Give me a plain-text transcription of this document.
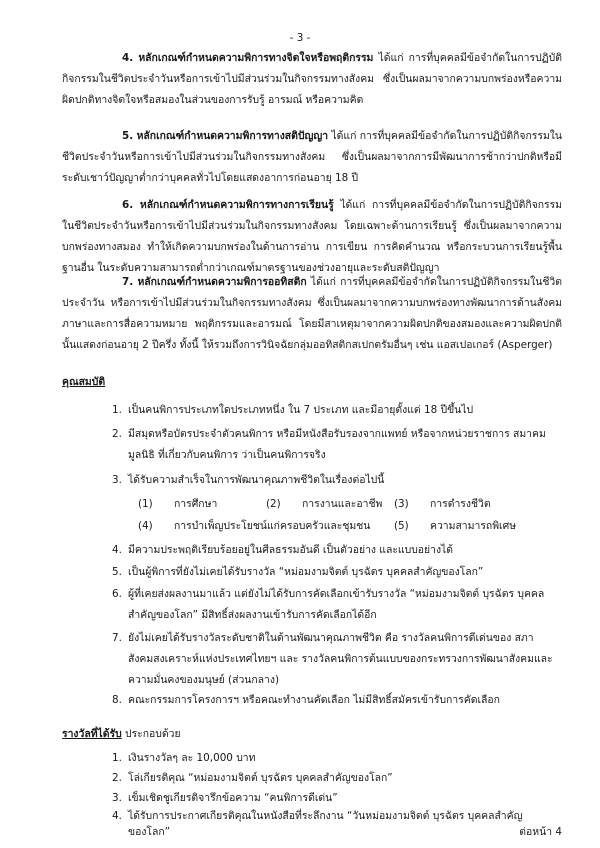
- 3 -
4. หลักเกณฑ์กำหนดความพิการทางจิตใจหรือพฤติกรรม ได้แก่ การที่บุคคลมีข้อจำกัดในการปฏิบัติกิจกรรมในชีวิตประจำวันหรือการเข้าไปมีส่วนร่วมในกิจกรรมทางสังคม ซึ่งเป็นผลมาจากความบกพร่องหรือความผิดปกติทางจิตใจหรือสมองในส่วนของการรับรู้ อารมณ์ หรือความคิด
5. หลักเกณฑ์กำหนดความพิการทางสติปัญญา ได้แก่ การที่บุคคลมีข้อจำกัดในการปฏิบัติกิจกรรมในชีวิตประจำวันหรือการเข้าไปมีส่วนร่วมในกิจกรรมทางสังคม ซึ่งเป็นผลมาจากการมีพัฒนาการช้ากว่าปกติหรือมีระดับเชาว์ปัญญาต่ำกว่าบุคคลทั่วไปโดยแสดงอาการก่อนอายุ 18 ปี
6. หลักเกณฑ์กำหนดความพิการทางการเรียนรู้ ได้แก่ การที่บุคคลมีข้อจำกัดในการปฏิบัติกิจกรรมในชีวิตประจำวันหรือการเข้าไปมีส่วนร่วมในกิจกรรมทางสังคม โดยเฉพาะด้านการเรียนรู้ ซึ่งเป็นผลมาจากความบกพร่องทางสมอง ทำให้เกิดความบกพร่องในด้านการอ่าน การเขียน การคิดคำนวณ หรือกระบวนการเรียนรู้พื้นฐานอื่น ในระดับความสามารถต่ำกว่าเกณฑ์มาตรฐานของช่วงอายุและระดับสติปัญญา
7. หลักเกณฑ์กำหนดความพิการออทิสติก ได้แก่ การที่บุคคลมีข้อจำกัดในการปฏิบัติกิจกรรมในชีวิตประจำวัน หรือการเข้าไปมีส่วนร่วมในกิจกรรมทางสังคม ซึ่งเป็นผลมาจากความบกพร่องทางพัฒนาการด้านสังคม ภาษาและการสื่อความหมาย พฤติกรรมและอารมณ์ โดยมีสาเหตุมาจากความผิดปกติของสมองและความผิดปกตินั้นแสดงก่อนอายุ 2 ปีครึ่ง ทั้งนี้ ให้รวมถึงการวินิจฉัยกลุ่มออทิสติกสเปกตรัมอื่นๆ เช่น แอสเปอเกอร์ (Asperger)
คุณสมบัติ
1. เป็นคนพิการประเภทใดประเภทหนึ่ง ใน 7 ประเภท และมีอายุตั้งแต่ 18 ปีขึ้นไป
2. มีสมุดหรือบัตรประจำตัวคนพิการ หรือมีหนังสือรับรองจากแพทย์ หรือจากหน่วยราชการ สมาคม มูลนิธิ ที่เกี่ยวกับคนพิการ ว่าเป็นคนพิการจริง
3. ได้รับความสำเร็จในการพัฒนาคุณภาพชีวิตในเรื่องต่อไปนี้
(1) การศึกษา	(2) การงานและอาชีพ (3) การดำรงชีวิต
(4) การบำเพ็ญประโยชน์แก่ครอบครัวและชุมชน (5) ความสามารถพิเศษ
4. มีความประพฤติเรียบร้อยอยู่ในศีลธรรมอันดี เป็นตัวอย่าง และแบบอย่างได้
5. เป็นผู้พิการที่ยังไม่เคยได้รับรางวัล “หม่อมงามจิตต์ บุรฉัตร บุคคลสำคัญของโลก”
6. ผู้ที่เคยส่งผลงานมาแล้ว แต่ยังไม่ได้รับการคัดเลือกเข้ารับรางวัล “หม่อมงามจิตต์ บุรฉัตร บุคคลสำคัญของโลก” มีสิทธิ์ส่งผลงานเข้ารับการคัดเลือกได้อีก
7. ยังไม่เคยได้รับรางวัลระดับชาติในด้านพัฒนาคุณภาพชีวิต คือ รางวัลคนพิการดีเด่นของ สภาสังคมสงเคราะห์แห่งประเทศไทยฯ และ รางวัลคนพิการต้นแบบของกระทรวงการพัฒนาสังคมและความมั่นคงของมนุษย์ (ส่วนกลาง)
8. คณะกรรมการโครงการฯ หรือคณะทำงานคัดเลือก ไม่มีสิทธิ์สมัครเข้ารับการคัดเลือก
รางวัลที่ได้รับ ประกอบด้วย
1. เงินรางวัลๆ ละ 10,000 บาท
2. โล่เกียรติคุณ “หม่อมงามจิตต์ บุรฉัตร บุคคลสำคัญของโลก”
3. เข็มเชิดชูเกียรติจารึกข้อความ “คนพิการดีเด่น”
4. ได้รับการประกาศเกียรติคุณในหนังสือที่ระลึกงาน “วันหม่อมงามจิตต์ บุรฉัตร บุคคลสำคัญของโลก”	ต่อหน้า 4
